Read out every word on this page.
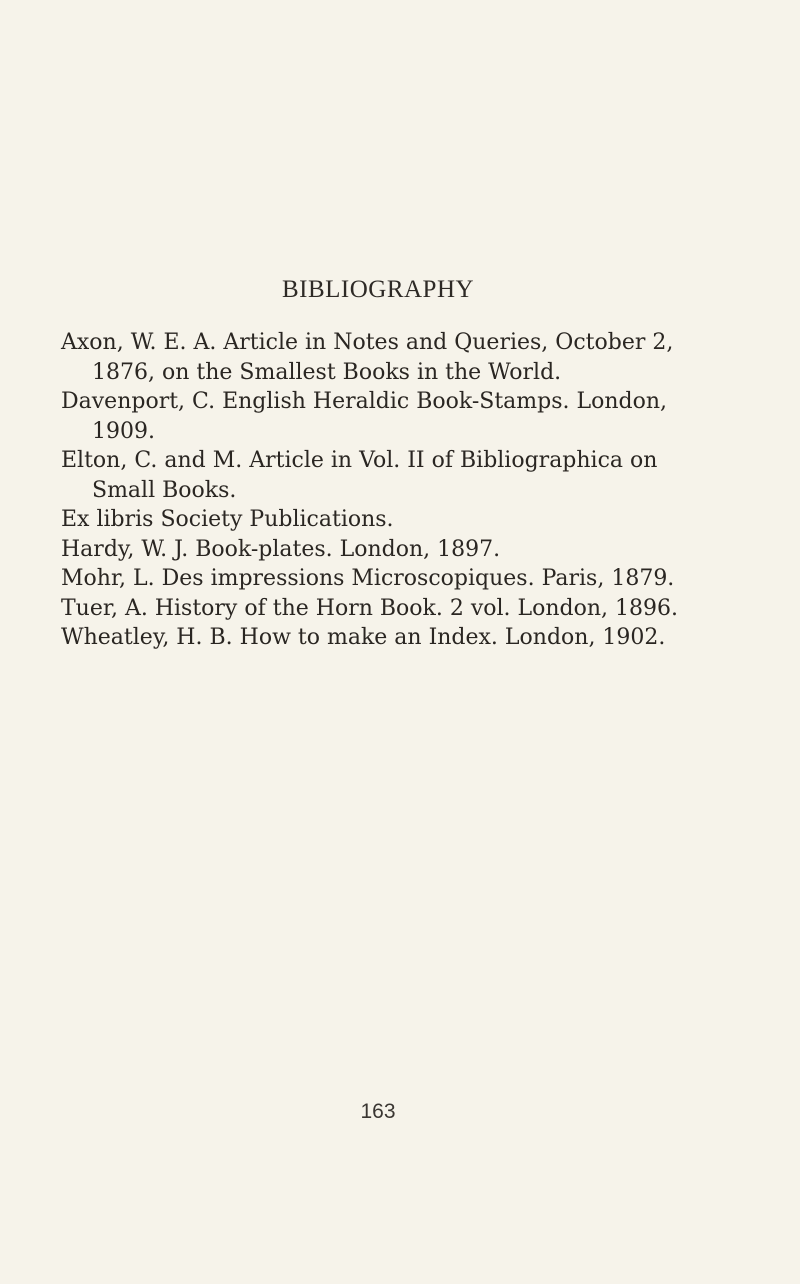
BIBLIOGRAPHY
Axon, W. E. A. Article in Notes and Queries, October 2, 1876, on the Smallest Books in the World.
Davenport, C. English Heraldic Book-Stamps. London, 1909.
Elton, C. and M. Article in Vol. II of Bibliographica on Small Books.
Ex libris Society Publications.
Hardy, W. J. Book-plates. London, 1897.
Mohr, L. Des impressions Microscopiques. Paris, 1879.
Tuer, A. History of the Horn Book. 2 vol. London, 1896.
Wheatley, H. B. How to make an Index. London, 1902.
163
